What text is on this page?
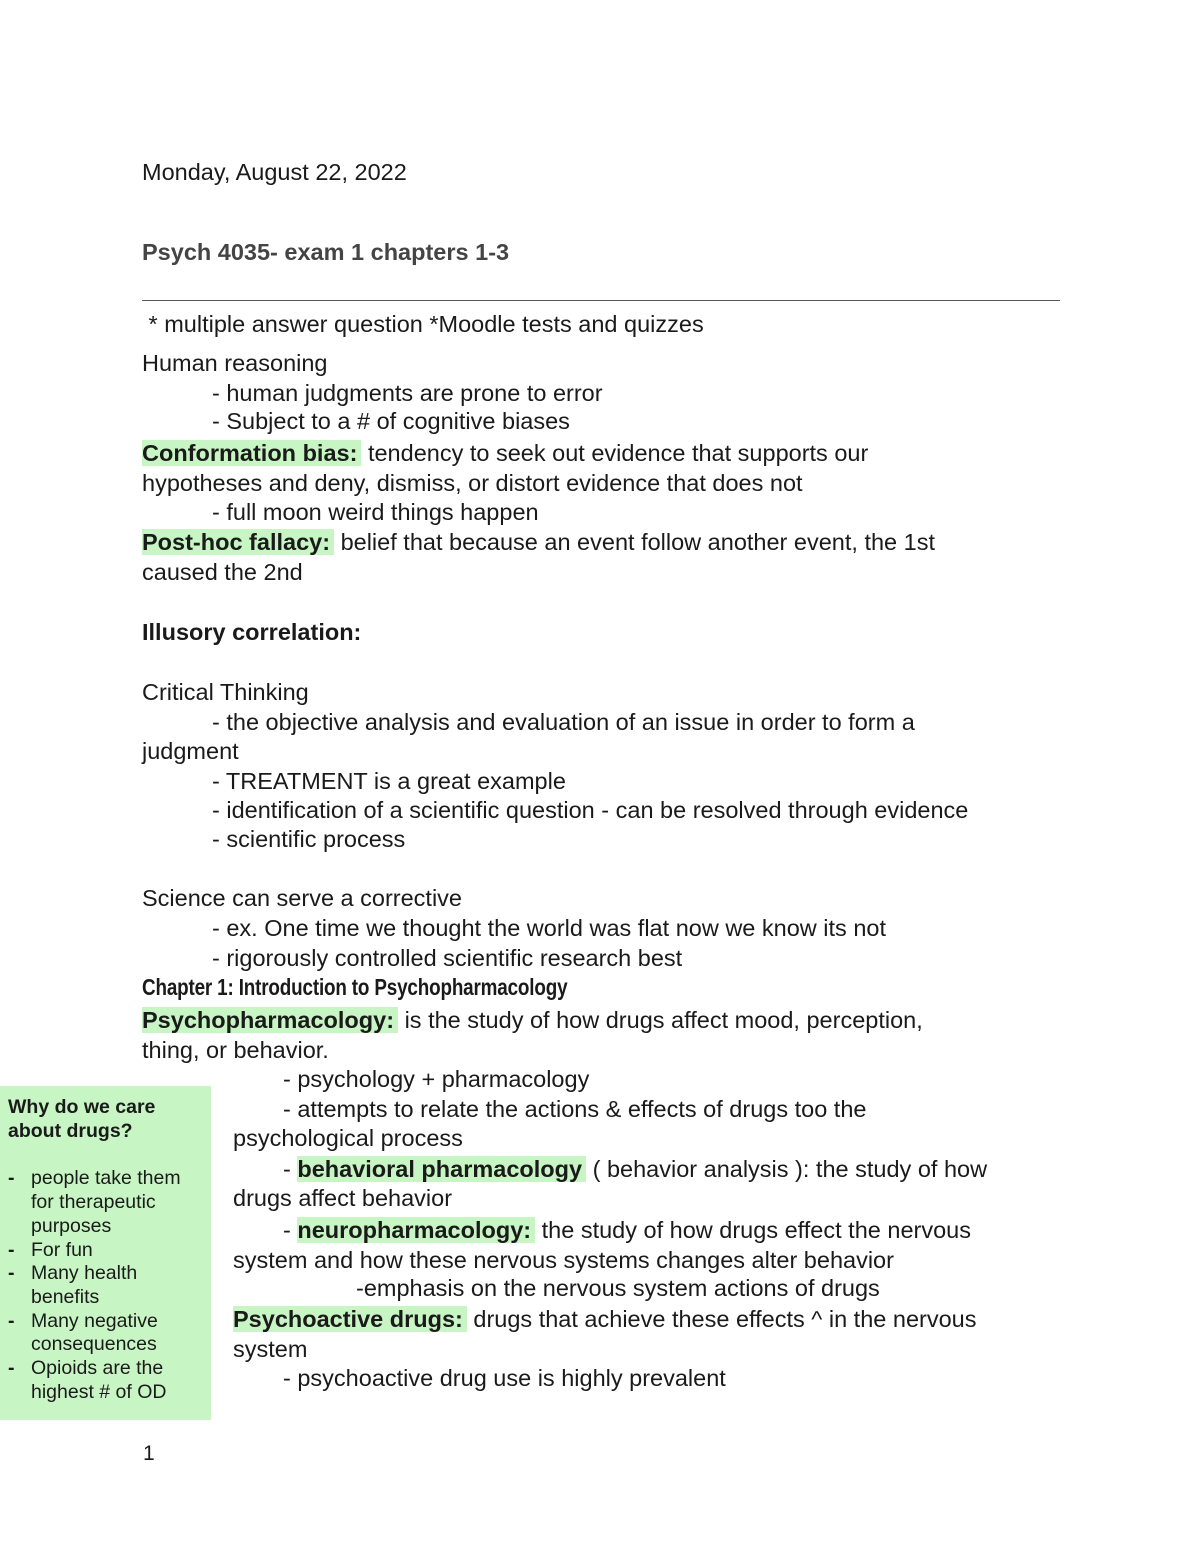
Monday, August 22, 2022
Psych 4035- exam 1 chapters 1-3
* multiple answer question *Moodle tests and quizzes
Human reasoning
- human judgments are prone to error
- Subject to a # of cognitive biases
Conformation bias: tendency to seek out evidence that supports our
hypotheses and deny, dismiss, or distort evidence that does not
- full moon weird things happen
Post-hoc fallacy: belief that because an event follow another event, the 1st
caused the 2nd
Illusory correlation:
Critical Thinking
- the objective analysis and evaluation of an issue in order to form a
judgment
- TREATMENT is a great example
- identification of a scientific question - can be resolved through evidence
- scientific process
Science can serve a corrective
- ex. One time we thought the world was flat now we know its not
- rigorously controlled scientific research best
Chapter 1: Introduction to Psychopharmacology
Psychopharmacology: is the study of how drugs affect mood, perception,
thing, or behavior.
- psychology + pharmacology
- attempts to relate the actions & effects of drugs too the
psychological process
- behavioral pharmacology ( behavior analysis ): the study of how
drugs affect behavior
- neuropharmacology: the study of how drugs effect the nervous
system and how these nervous systems changes alter behavior
-emphasis on the nervous system actions of drugs
Psychoactive drugs: drugs that achieve these effects ^ in the nervous
system
- psychoactive drug use is highly prevalent
Why do we care about drugs?
- people take them for therapeutic purposes
- For fun
- Many health benefits
- Many negative consequences
- Opioids are the highest # of OD
1
